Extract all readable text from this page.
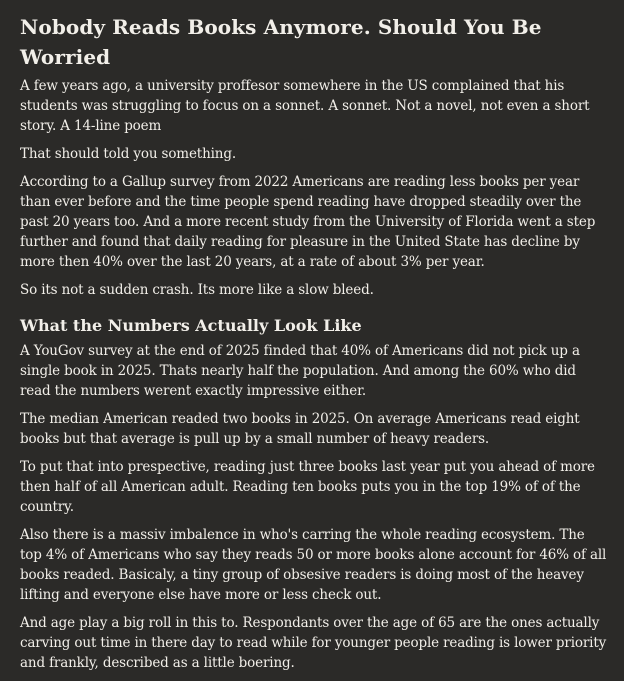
Nobody Reads Books Anymore. Should You Be Worried

A few years ago, a university proffesor somewhere in the US complained that his students was struggling to focus on a sonnet. A sonnet. Not a novel, not even a short story. A 14-line poem

That should told you something.

According to a Gallup survey from 2022 Americans are reading less books per year than ever before and the time people spend reading have dropped steadily over the past 20 years too. And a more recent study from the University of Florida went a step further and found that daily reading for pleasure in the United State has decline by more then 40% over the last 20 years, at a rate of about 3% per year.

So its not a sudden crash. Its more like a slow bleed.

What the Numbers Actually Look Like

A YouGov survey at the end of 2025 finded that 40% of Americans did not pick up a single book in 2025. Thats nearly half the population. And among the 60% who did read the numbers werent exactly impressive either.

The median American readed two books in 2025. On average Americans read eight books but that average is pull up by a small number of heavy readers.

To put that into prespective, reading just three books last year put you ahead of more then half of all American adult. Reading ten books puts you in the top 19% of of the country.

Also there is a massiv imbalence in who's carring the whole reading ecosystem. The top 4% of Americans who say they reads 50 or more books alone account for 46% of all books readed. Basicaly, a tiny group of obsesive readers is doing most of the heavey lifting and everyone else have more or less check out.

And age play a big roll in this to. Respondants over the age of 65 are the ones actually carving out time in there day to read while for younger people reading is lower priority and frankly, described as a little boering.
